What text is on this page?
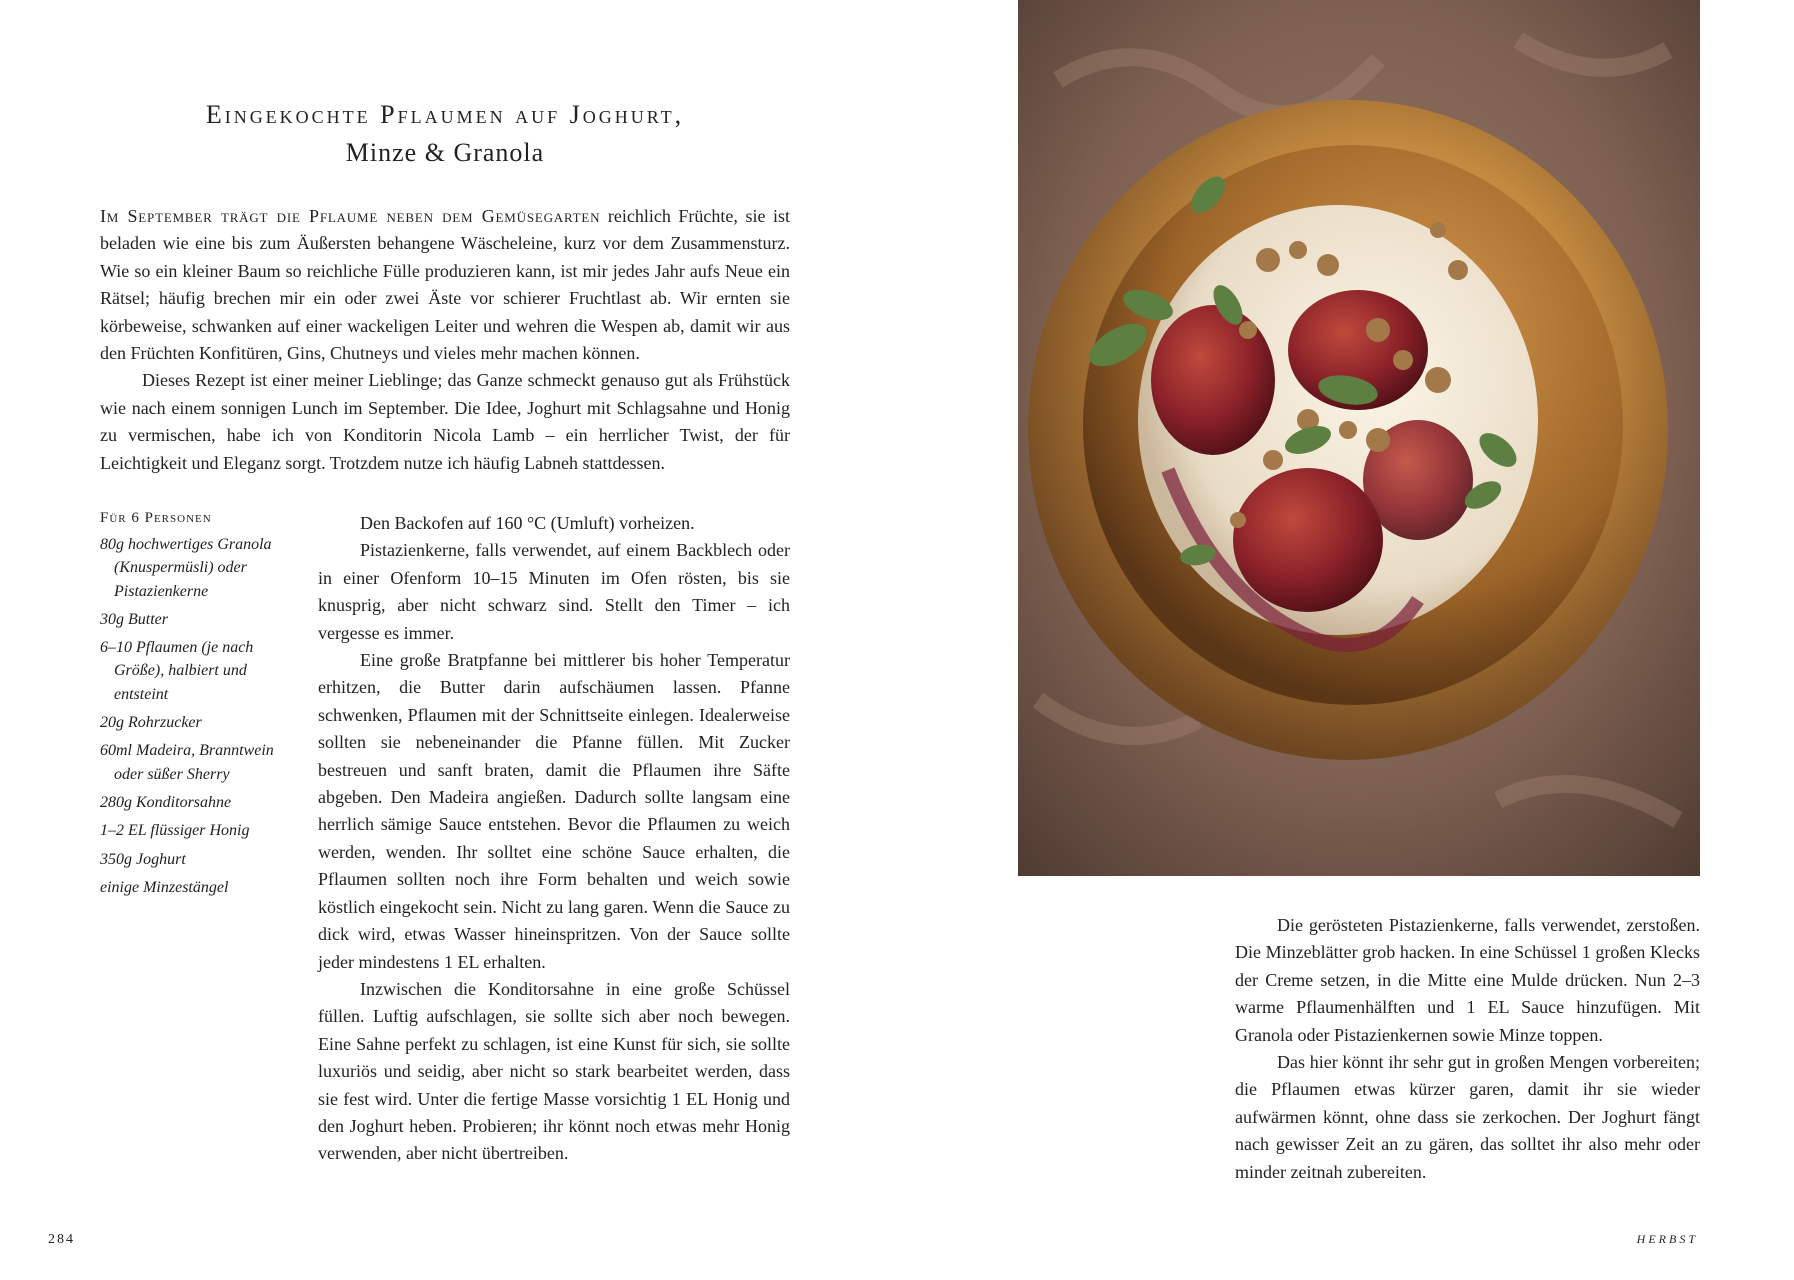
Eingekochte Pflaumen auf Joghurt,
Minze & Granola

Im September trägt die Pflaume neben dem Gemüsegarten reichlich Früchte, sie ist beladen wie eine bis zum Äußersten behangene Wäscheleine, kurz vor dem Zusammensturz. Wie so ein kleiner Baum so reichliche Fülle produzieren kann, ist mir jedes Jahr aufs Neue ein Rätsel; häufig brechen mir ein oder zwei Äste vor schierer Fruchtlast ab. Wir ernten sie körbeweise, schwanken auf einer wackeligen Leiter und wehren die Wespen ab, damit wir aus den Früchten Konfitüren, Gins, Chutneys und vieles mehr machen können.

Dieses Rezept ist einer meiner Lieblinge; das Ganze schmeckt genauso gut als Frühstück wie nach einem sonnigen Lunch im September. Die Idee, Joghurt mit Schlagsahne und Honig zu vermischen, habe ich von Konditorin Nicola Lamb – ein herrlicher Twist, der für Leichtigkeit und Eleganz sorgt. Trotzdem nutze ich häufig Labneh stattdessen.

Für 6 Personen
80g hochwertiges Granola (Knuspermüsli) oder Pistazienkerne
30g Butter
6–10 Pflaumen (je nach Größe), halbiert und entsteint
20g Rohrzucker
60ml Madeira, Branntwein oder süßer Sherry
280g Konditorsahne
1–2 EL flüssiger Honig
350g Joghurt
einige Minzestängel

Den Backofen auf 160 °C (Umluft) vorheizen.

Pistazienkerne, falls verwendet, auf einem Backblech oder in einer Ofenform 10–15 Minuten im Ofen rösten, bis sie knusprig, aber nicht schwarz sind. Stellt den Timer – ich vergesse es immer.

Eine große Bratpfanne bei mittlerer bis hoher Temperatur erhitzen, die Butter darin aufschäumen lassen. Pfanne schwenken, Pflaumen mit der Schnittseite einlegen. Idealerweise sollten sie nebeneinander die Pfanne füllen. Mit Zucker bestreuen und sanft braten, damit die Pflaumen ihre Säfte abgeben. Den Madeira angießen. Dadurch sollte langsam eine herrlich sämige Sauce entstehen. Bevor die Pflaumen zu weich werden, wenden. Ihr solltet eine schöne Sauce erhalten, die Pflaumen sollten noch ihre Form behalten und weich sowie köstlich eingekocht sein. Nicht zu lang garen. Wenn die Sauce zu dick wird, etwas Wasser hineinspritzen. Von der Sauce sollte jeder mindestens 1 EL erhalten.

Inzwischen die Konditorsahne in eine große Schüssel füllen. Luftig aufschlagen, sie sollte sich aber noch bewegen. Eine Sahne perfekt zu schlagen, ist eine Kunst für sich, sie sollte luxuriös und seidig, aber nicht so stark bearbeitet werden, dass sie fest wird. Unter die fertige Masse vorsichtig 1 EL Honig und den Joghurt heben. Probieren; ihr könnt noch etwas mehr Honig verwenden, aber nicht übertreiben.

Die gerösteten Pistazienkerne, falls verwendet, zerstoßen. Die Minzeblätter grob hacken. In eine Schüssel 1 großen Klecks der Creme setzen, in die Mitte eine Mulde drücken. Nun 2–3 warme Pflaumenhälften und 1 EL Sauce hinzufügen. Mit Granola oder Pistazienkernen sowie Minze toppen.

Das hier könnt ihr sehr gut in großen Mengen vorbereiten; die Pflaumen etwas kürzer garen, damit ihr sie wieder aufwärmen könnt, ohne dass sie zerkochen. Der Joghurt fängt nach gewisser Zeit an zu gären, das solltet ihr also mehr oder minder zeitnah zubereiten.

284	HERBST
